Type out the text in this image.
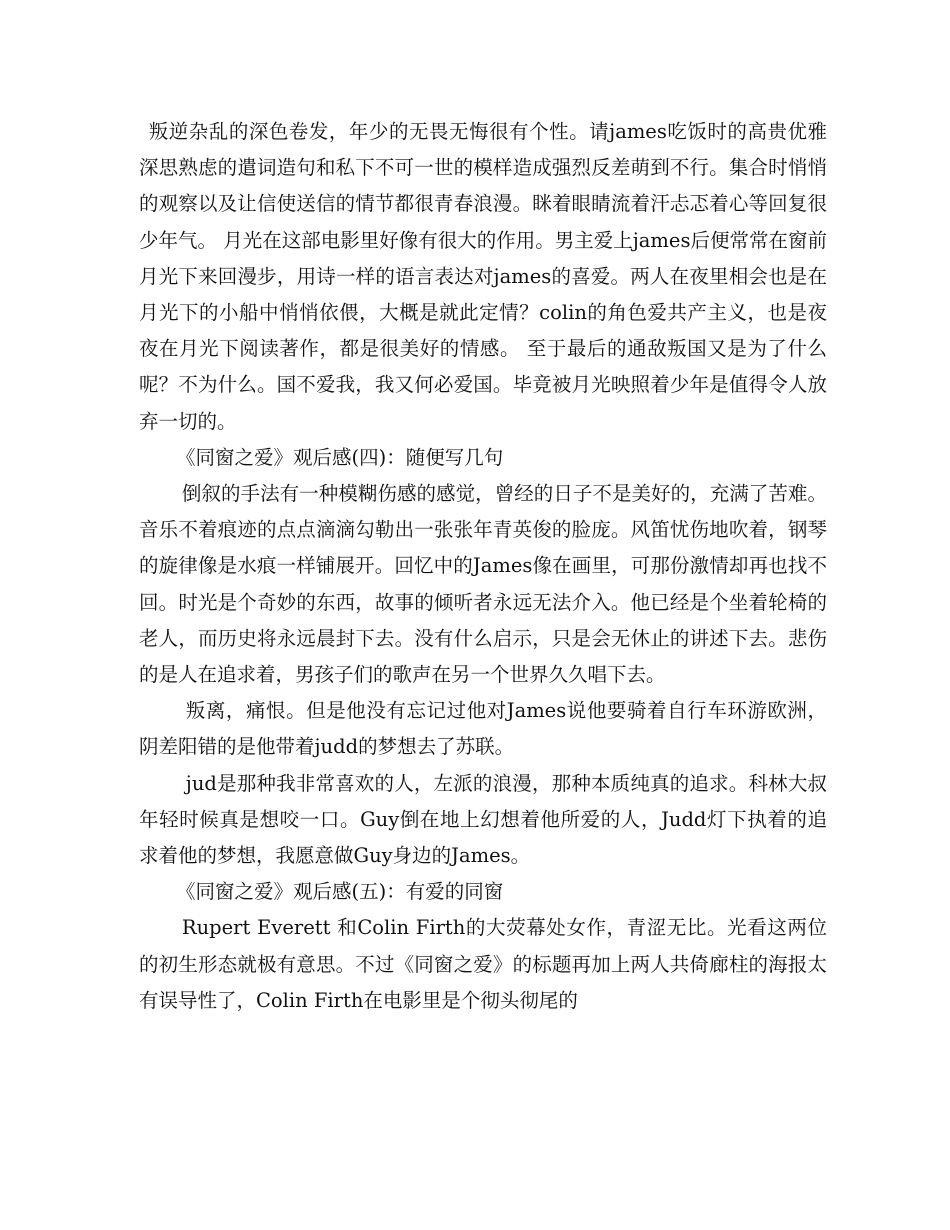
叛逆杂乱的深色卷发，年少的无畏无悔很有个性。请james吃饭时的高贵优雅深思熟虑的遣词造句和私下不可一世的模样造成强烈反差萌到不行。集合时悄悄的观察以及让信使送信的情节都很青春浪漫。眯着眼睛流着汗忐忑着心等回复很少年气。 月光在这部电影里好像有很大的作用。男主爱上james后便常常在窗前月光下来回漫步，用诗一样的语言表达对james的喜爱。两人在夜里相会也是在月光下的小船中悄悄依偎，大概是就此定情？colin的角色爱共产主义，也是夜夜在月光下阅读著作，都是很美好的情感。 至于最后的通敌叛国又是为了什么呢？不为什么。国不爱我，我又何必爱国。毕竟被月光映照着少年是值得令人放弃一切的。

《同窗之爱》观后感(四)：随便写几句

倒叙的手法有一种模糊伤感的感觉，曾经的日子不是美好的，充满了苦难。音乐不着痕迹的点点滴滴勾勒出一张张年青英俊的脸庞。风笛忧伤地吹着，钢琴的旋律像是水痕一样铺展开。回忆中的James像在画里，可那份激情却再也找不回。时光是个奇妙的东西，故事的倾听者永远无法介入。他已经是个坐着轮椅的老人，而历史将永远晨封下去。没有什么启示，只是会无休止的讲述下去。悲伤的是人在追求着，男孩子们的歌声在另一个世界久久唱下去。

叛离，痛恨。但是他没有忘记过他对James说他要骑着自行车环游欧洲，阴差阳错的是他带着judd的梦想去了苏联。

jud是那种我非常喜欢的人，左派的浪漫，那种本质纯真的追求。科林大叔年轻时候真是想咬一口。Guy倒在地上幻想着他所爱的人，Judd灯下执着的追求着他的梦想，我愿意做Guy身边的James。

《同窗之爱》观后感(五)：有爱的同窗

Rupert Everett 和Colin Firth的大荧幕处女作，青涩无比。光看这两位的初生形态就极有意思。不过《同窗之爱》的标题再加上两人共倚廊柱的海报太有误导性了，Colin Firth在电影里是个彻头彻尾的
